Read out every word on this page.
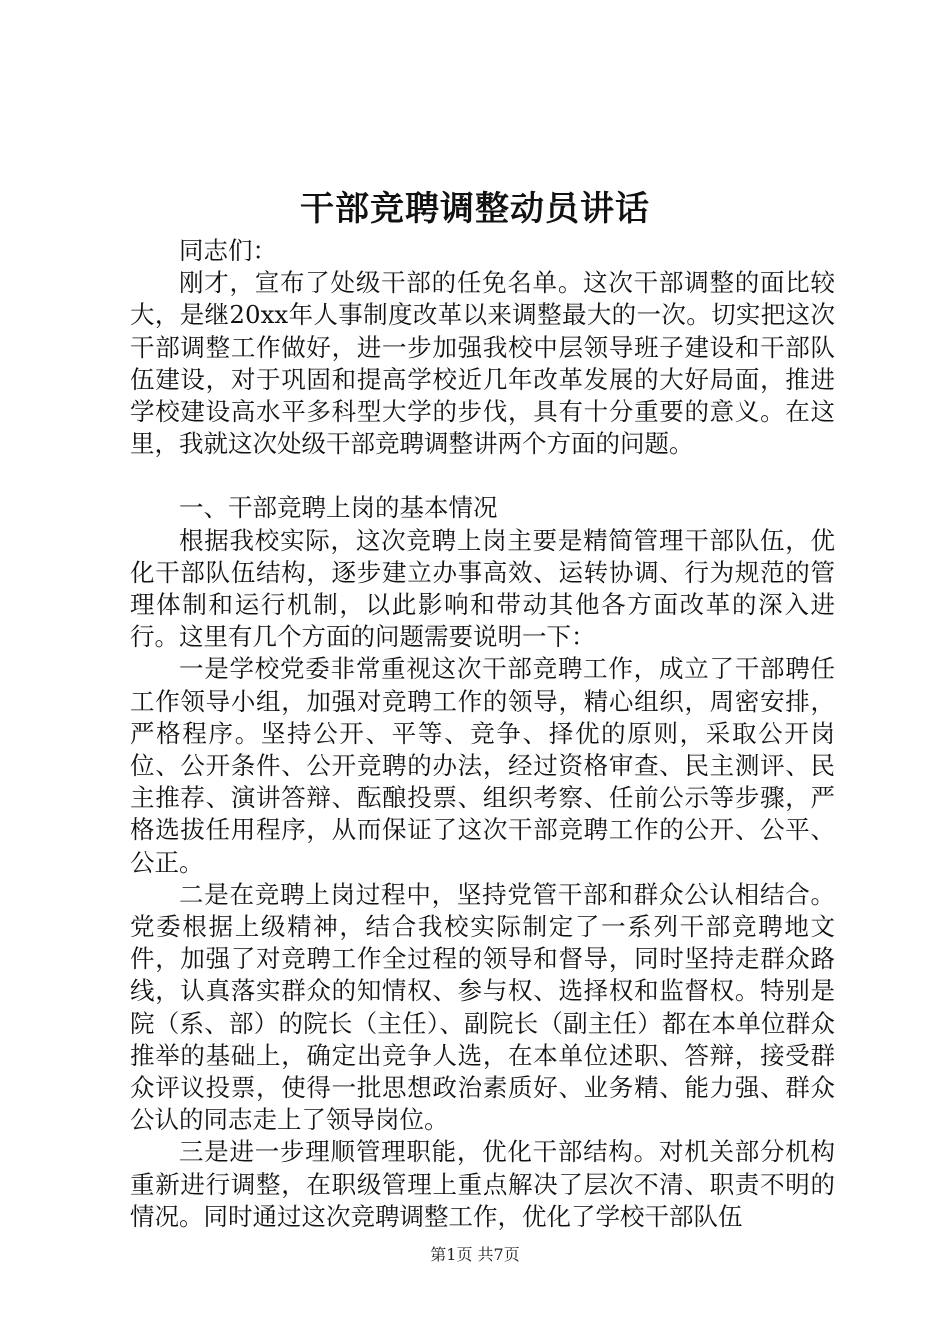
干部竞聘调整动员讲话

同志们：

刚才，宣布了处级干部的任免名单。这次干部调整的面比较大，是继20xx年人事制度改革以来调整最大的一次。切实把这次干部调整工作做好，进一步加强我校中层领导班子建设和干部队伍建设，对于巩固和提高学校近几年改革发展的大好局面，推进学校建设高水平多科型大学的步伐，具有十分重要的意义。在这里，我就这次处级干部竞聘调整讲两个方面的问题。

一、干部竞聘上岗的基本情况

根据我校实际，这次竞聘上岗主要是精简管理干部队伍，优化干部队伍结构，逐步建立办事高效、运转协调、行为规范的管理体制和运行机制，以此影响和带动其他各方面改革的深入进行。这里有几个方面的问题需要说明一下：

一是学校党委非常重视这次干部竞聘工作，成立了干部聘任工作领导小组，加强对竞聘工作的领导，精心组织，周密安排，严格程序。坚持公开、平等、竞争、择优的原则，采取公开岗位、公开条件、公开竞聘的办法，经过资格审查、民主测评、民主推荐、演讲答辩、酝酿投票、组织考察、任前公示等步骤，严格选拔任用程序，从而保证了这次干部竞聘工作的公开、公平、公正。

二是在竞聘上岗过程中，坚持党管干部和群众公认相结合。党委根据上级精神，结合我校实际制定了一系列干部竞聘地文件，加强了对竞聘工作全过程的领导和督导，同时坚持走群众路线，认真落实群众的知情权、参与权、选择权和监督权。特别是院（系、部）的院长（主任）、副院长（副主任）都在本单位群众推举的基础上，确定出竞争人选，在本单位述职、答辩，接受群众评议投票，使得一批思想政治素质好、业务精、能力强、群众公认的同志走上了领导岗位。

三是进一步理顺管理职能，优化干部结构。对机关部分机构重新进行调整，在职级管理上重点解决了层次不清、职责不明的情况。同时通过这次竞聘调整工作，优化了学校干部队伍

第1页 共7页
